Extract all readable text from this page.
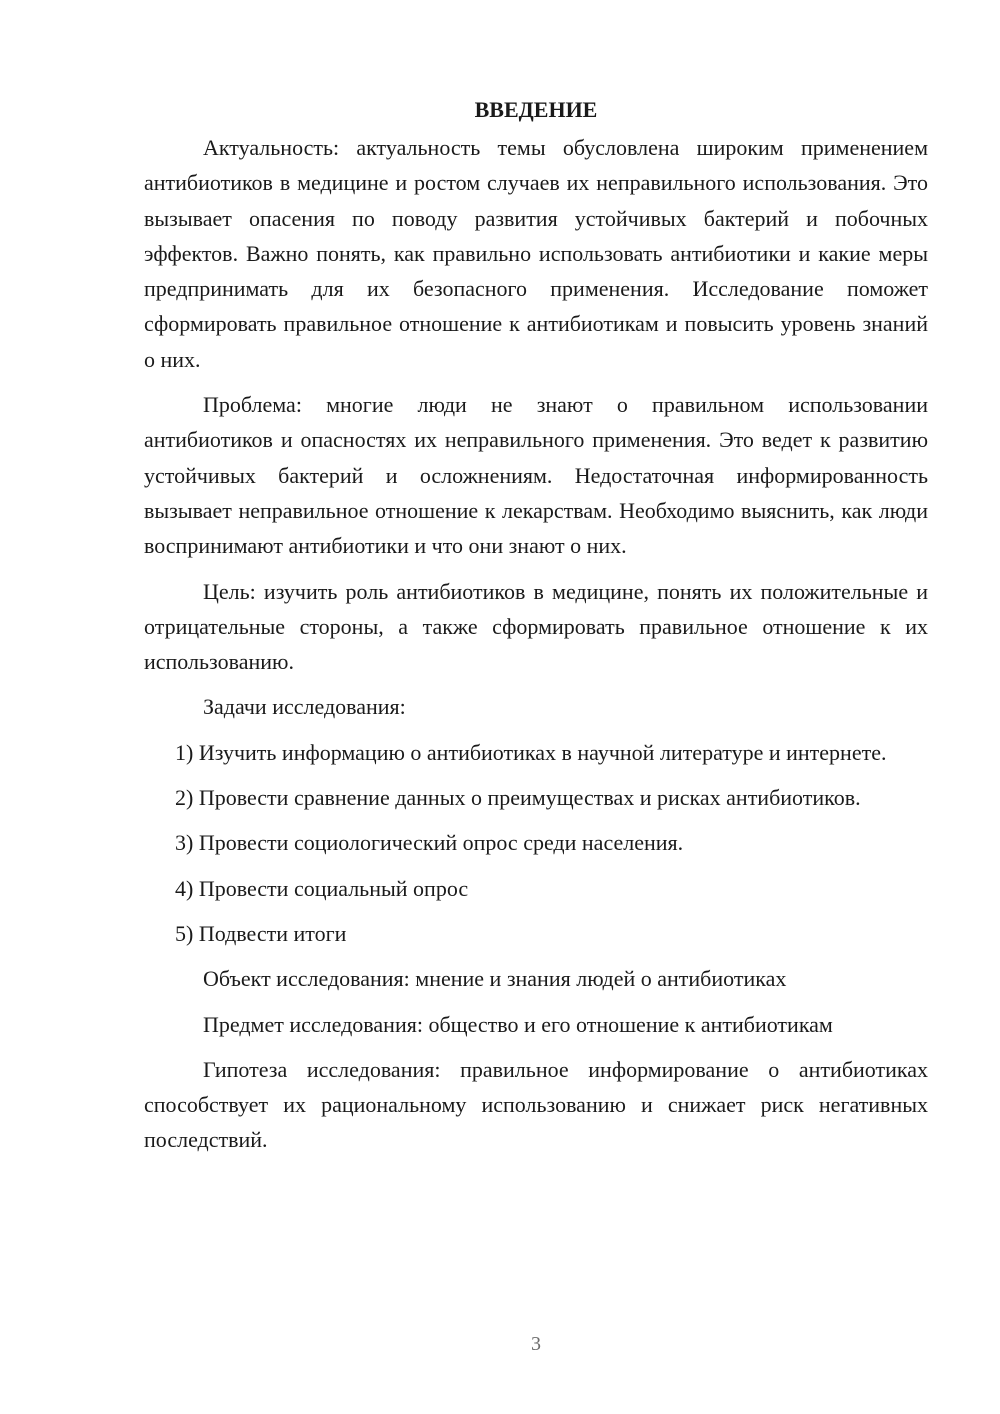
ВВЕДЕНИЕ

Актуальность: актуальность темы обусловлена широким применением антибиотиков в медицине и ростом случаев их неправильного использования. Это вызывает опасения по поводу развития устойчивых бактерий и побочных эффектов. Важно понять, как правильно использовать антибиотики и какие меры предпринимать для их безопасного применения. Исследование поможет сформировать правильное отношение к антибиотикам и повысить уровень знаний о них.

Проблема: многие люди не знают о правильном использовании антибиотиков и опасностях их неправильного применения. Это ведет к развитию устойчивых бактерий и осложнениям. Недостаточная информированность вызывает неправильное отношение к лекарствам. Необходимо выяснить, как люди воспринимают антибиотики и что они знают о них.

Цель: изучить роль антибиотиков в медицине, понять их положительные и отрицательные стороны, а также сформировать правильное отношение к их использованию.

Задачи исследования:

1) Изучить информацию о антибиотиках в научной литературе и интернете.

2) Провести сравнение данных о преимуществах и рисках антибиотиков.

3) Провести социологический опрос среди населения.

4) Провести социальный опрос

5) Подвести итоги

Объект исследования: мнение и знания людей о антибиотиках

Предмет исследования: общество и его отношение к антибиотикам

Гипотеза исследования: правильное информирование о антибиотиках способствует их рациональному использованию и снижает риск негативных последствий.

3
